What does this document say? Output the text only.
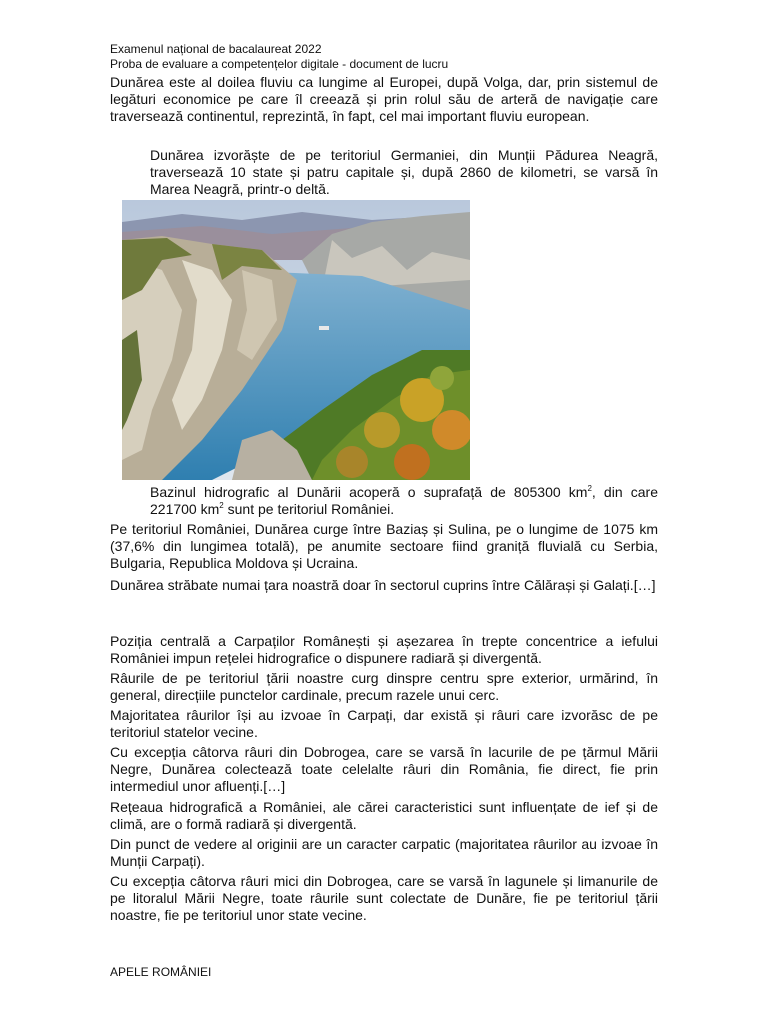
Examenul național de bacalaureat 2022
Proba de evaluare a competențelor digitale - document de lucru

Dunărea este al doilea fluviu ca lungime al Europei, după Volga, dar, prin sistemul de legături economice pe care îl creează și prin rolul său de arteră de navigație care traversează continentul, reprezintă, în fapt, cel mai important fluviu european.

Dunărea izvorăște de pe teritoriul Germaniei, din Munții Pădurea Neagră, traversează 10 state și patru capitale și, după 2860 de kilometri, se varsă în Marea Neagră, printr-o deltă.

Bazinul hidrografic al Dunării acoperă o suprafață de 805300 $km^2$, din care 221700 $km^2$ sunt pe teritoriul României.

Pe teritoriul României, Dunărea curge între Baziaș și Sulina, pe o lungime de 1075 km (37,6% din lungimea totală), pe anumite sectoare fiind graniță fluvială cu Serbia, Bulgaria, Republica Moldova și Ucraina.

Dunărea străbate numai țara noastră doar în sectorul cuprins între Călărași și Galați.[…]

Poziția centrală a Carpaților Românești și așezarea în trepte concentrice a iefului României impun rețelei hidrografice o dispunere radiară și divergentă.

Râurile de pe teritoriul țării noastre curg dinspre centru spre exterior, urmărind, în general, direcțiile punctelor cardinale, precum razele unui cerc.

Majoritatea râurilor își au izvoae în Carpați, dar există și râuri care izvorăsc de pe teritoriul statelor vecine.

Cu excepția câtorva râuri din Dobrogea, care se varsă în lacurile de pe țărmul Mării Negre, Dunărea colectează toate celelalte râuri din România, fie direct, fie prin intermediul unor afluenți.[…]

Rețeaua hidrografică a României, ale cărei caracteristici sunt influențate de ief și de climă, are o formă radiară și divergentă.

Din punct de vedere al originii are un caracter carpatic (majoritatea râurilor au izvoae în Munții Carpați).

Cu excepția câtorva râuri mici din Dobrogea, care se varsă în lagunele și limanurile de pe litoralul Mării Negre, toate râurile sunt colectate de Dunăre, fie pe teritoriul țării noastre, fie pe teritoriul unor state vecine.

APELE ROMÂNIEI
